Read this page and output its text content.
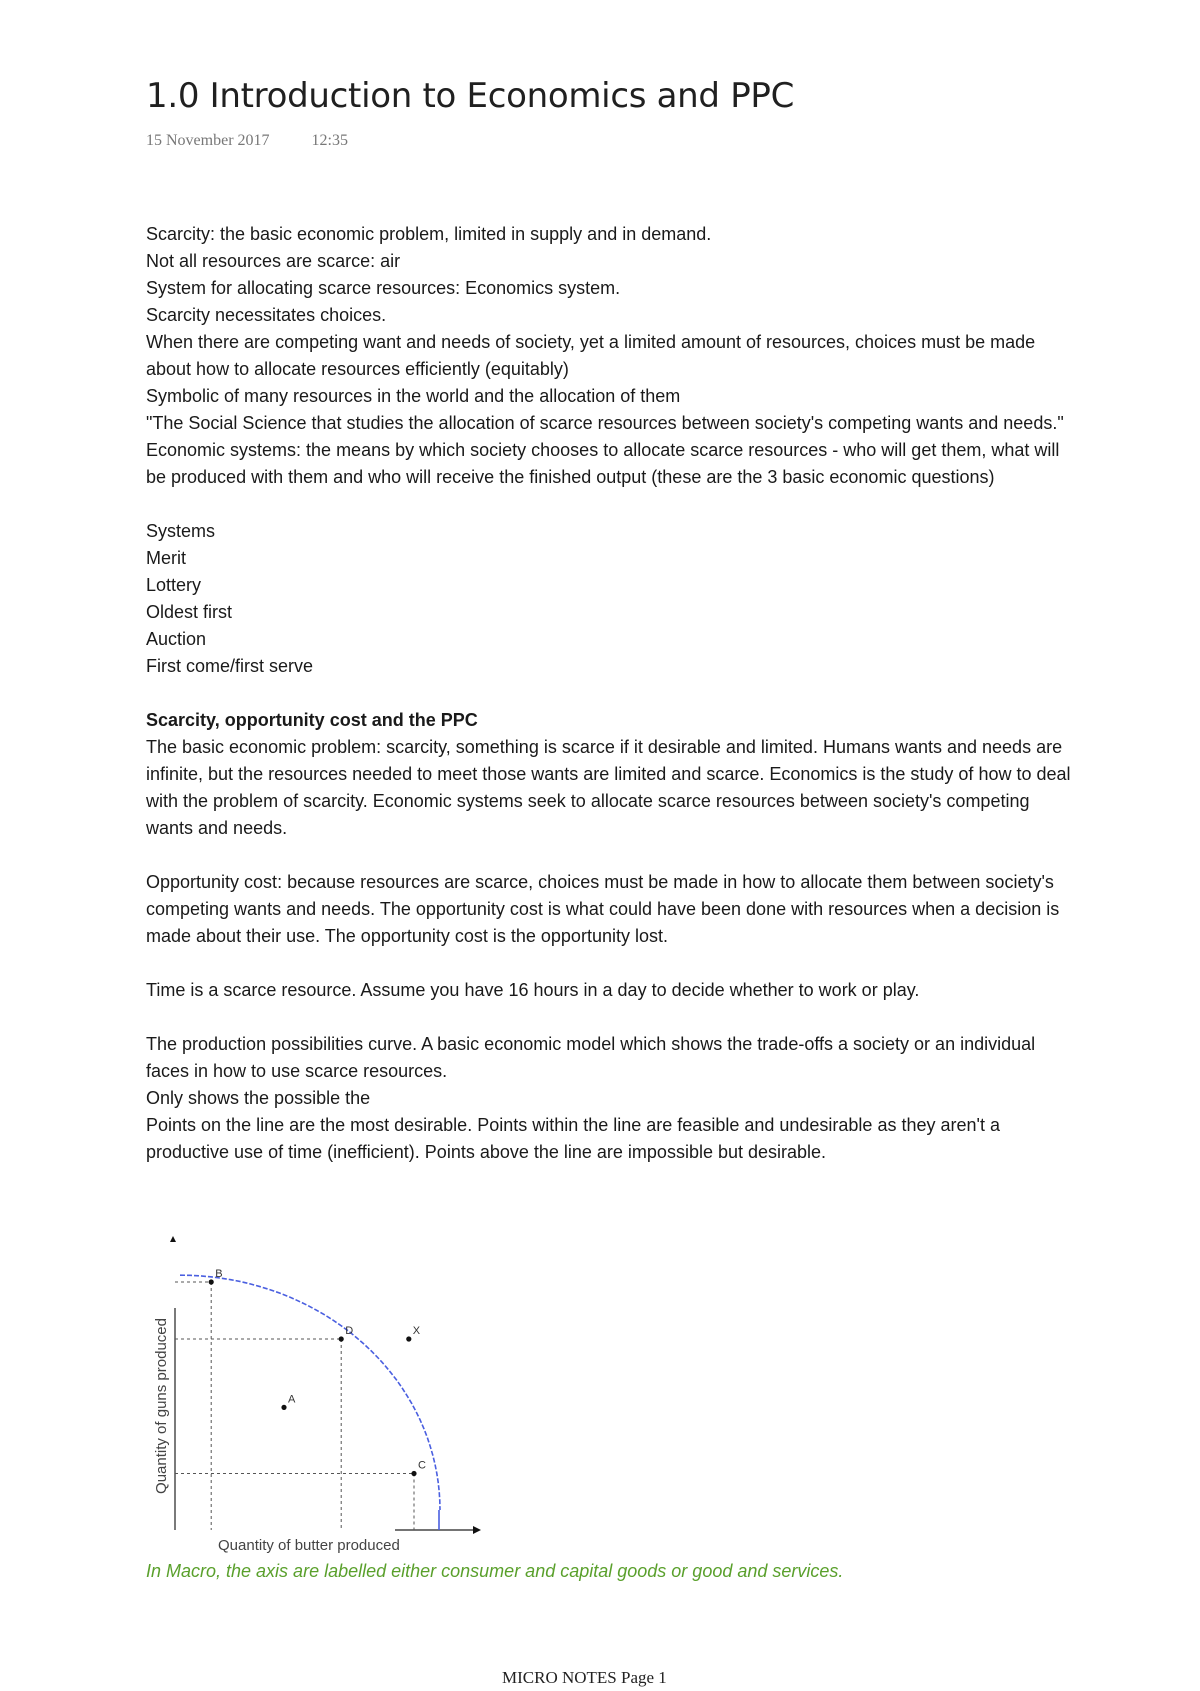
1.0 Introduction to Economics and PPC
15 November 2017	12:35

Scarcity: the basic economic problem, limited in supply and in demand.

Not all resources are scarce: air

System for allocating scarce resources: Economics system.

Scarcity necessitates choices.

When there are competing want and needs of society, yet a limited amount of resources, choices must be made about how to allocate resources efficiently (equitably)

Symbolic of many resources in the world and the allocation of them

"The Social Science that studies the allocation of scarce resources between society's competing wants and needs."

Economic systems: the means by which society chooses to allocate scarce resources - who will get them, what will be produced with them and who will receive the finished output (these are the 3 basic economic questions)

Systems

Merit

Lottery

Oldest first

Auction

First come/first serve

Scarcity, opportunity cost and the PPC

The basic economic problem: scarcity, something is scarce if it desirable and limited. Humans wants and needs are infinite, but the resources needed to meet those wants are limited and scarce. Economics is the study of how to deal with the problem of scarcity. Economic systems seek to allocate scarce resources between society's competing wants and needs.

Opportunity cost: because resources are scarce, choices must be made in how to allocate them between society's competing wants and needs. The opportunity cost is what could have been done with resources when a decision is made about their use. The opportunity cost is the opportunity lost.

Time is a scarce resource. Assume you have 16 hours in a day to decide whether to work or play.

The production possibilities curve. A basic economic model which shows the trade-offs a society or an individual faces in how to use scarce resources.

Only shows the possible the

Points on the line are the most desirable. Points within the line are feasible and undesirable as they aren't a productive use of time (inefficient). Points above the line are impossible but desirable.

Quantity of guns produced
Quantity of butter produced
B
D
C
A
X
In Macro, the axis are labelled either consumer and capital goods or good and services.
MICRO NOTES Page 1
